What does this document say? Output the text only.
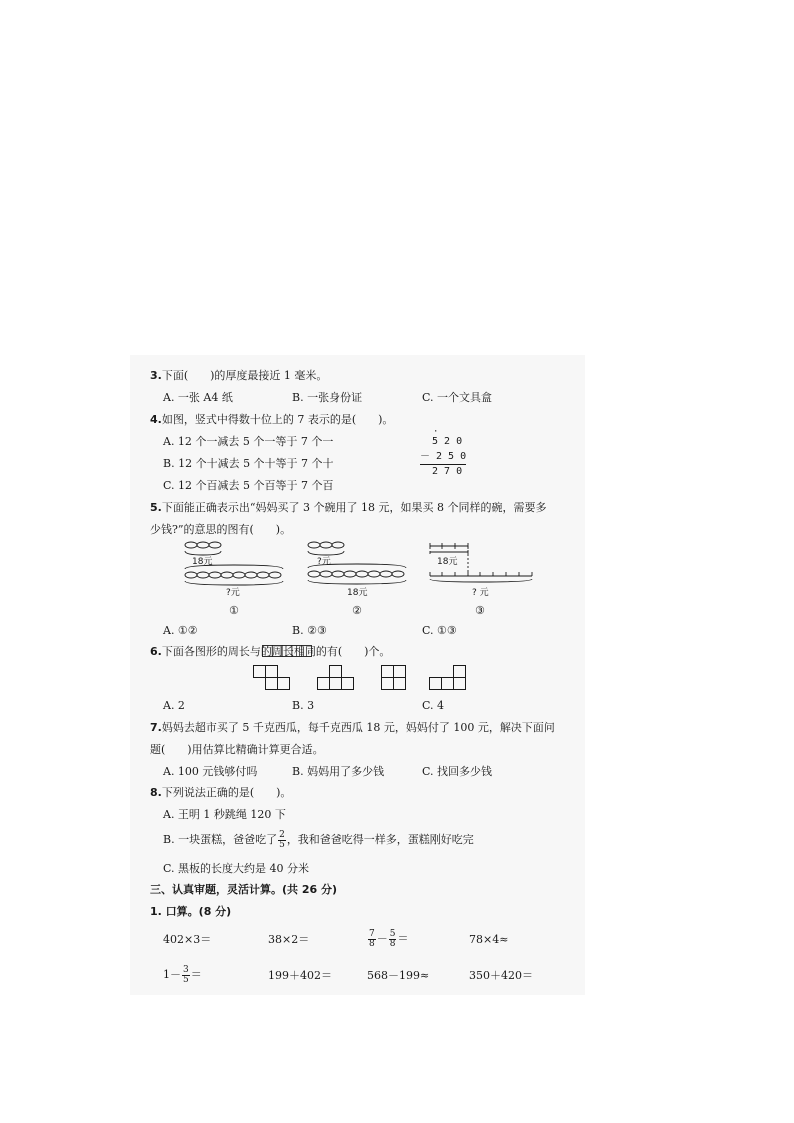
3.下面(　　)的厚度最接近 1 毫米。
A. 一张 A4 纸	B. 一张身份证	C. 一个文具盒
4.如图，竖式中得数十位上的 7 表示的是(　　)。
A. 12 个一减去 5 个一等于 7 个一
B. 12 个十减去 5 个十等于 7 个十
C. 12 个百减去 5 个百等于 7 个百
·
5 2 0
－ 2 5 0
2 7 0
5.下面能正确表示出“妈妈买了 3 个碗用了 18 元，如果买 8 个同样的碗，需要多
少钱?”的意思的图有(　　)。
18元
?元
①
?元
18元
②
18元
? 元
③
A. ①②	B. ②③	C. ①③
6.下面各图形的周长与
的周长相同的有(　　)个。
A. 2	B. 3	C. 4
7.妈妈去超市买了 5 千克西瓜，每千克西瓜 18 元，妈妈付了 100 元，解决下面问
题(　　)用估算比精确计算更合适。
A. 100 元钱够付吗	B. 妈妈用了多少钱	C. 找回多少钱
8.下列说法正确的是(　　)。
A. 王明 1 秒跳绳 120 下
B. 一块蛋糕，爸爸吃了 $\frac{2}{5}$ ，我和爸爸吃得一样多，蛋糕刚好吃完
C. 黑板的长度大约是 40 分米
三、认真审题，灵活计算。(共 26 分)
1. 口算。(8 分)
402×3＝	38×2＝	$\frac{7}{8} - \frac{5}{8}$ ＝	78×4≈
$1- \frac{3}{5}$ ＝	199＋402＝	568－199≈	350＋420＝
